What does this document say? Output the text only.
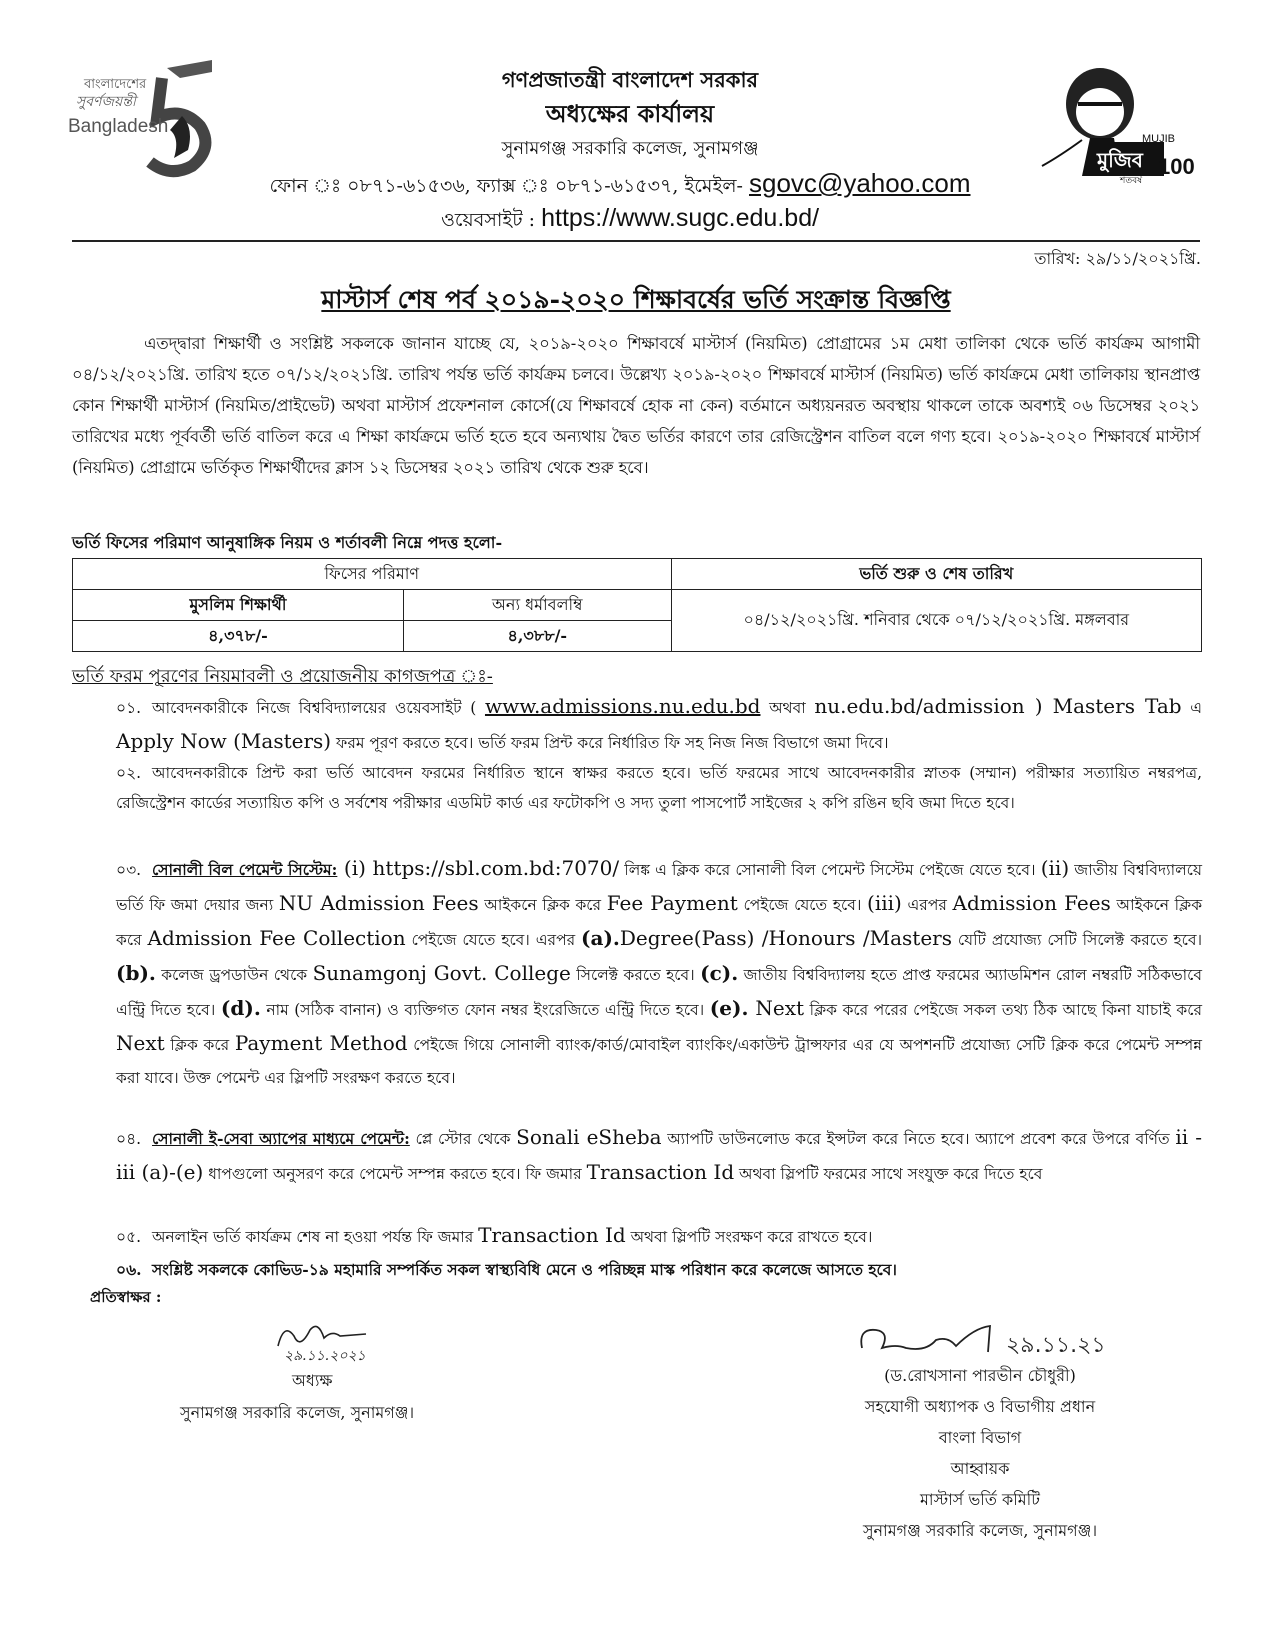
বাংলাদেশের
সুবর্ণজয়ন্তী
Bangladesh
মুজিব
MUJIB
শতবর্ষ
100
গণপ্রজাতন্ত্রী বাংলাদেশ সরকার
অধ্যক্ষের কার্যালয়
সুনামগঞ্জ সরকারি কলেজ, সুনামগঞ্জ
ফোন ঃ ০৮৭১-৬১৫৩৬, ফ্যাক্স ঃ ০৮৭১-৬১৫৩৭, ইমেইল- sgovc@yahoo.com
ওয়েবসাইট : https://www.sugc.edu.bd/
তারিখ: ২৯/১১/২০২১খ্রি.
মাস্টার্স শেষ পর্ব ২০১৯-২০২০ শিক্ষাবর্ষের ভর্তি সংক্রান্ত বিজ্ঞপ্তি
এতদ্দ্বারা শিক্ষার্থী ও সংশ্লিষ্ট সকলকে জানান যাচ্ছে যে, ২০১৯-২০২০ শিক্ষাবর্ষে মাস্টার্স (নিয়মিত) প্রোগ্রামের ১ম মেধা তালিকা থেকে ভর্তি কার্যক্রম আগামী ০৪/১২/২০২১খ্রি. তারিখ হতে ০৭/১২/২০২১খ্রি. তারিখ পর্যন্ত ভর্তি কার্যক্রম চলবে। উল্লেখ্য ২০১৯-২০২০ শিক্ষাবর্ষে মাস্টার্স (নিয়মিত) ভর্তি কার্যক্রমে মেধা তালিকায় স্থানপ্রাপ্ত কোন শিক্ষার্থী মাস্টার্স (নিয়মিত/প্রাইভেট) অথবা মাস্টার্স প্রফেশনাল কোর্সে(যে শিক্ষাবর্ষে হোক না কেন) বর্তমানে অধ্যয়নরত অবস্থায় থাকলে তাকে অবশ্যই ০৬ ডিসেম্বর ২০২১ তারিখের মধ্যে পূর্ববর্তী ভর্তি বাতিল করে এ শিক্ষা কার্যক্রমে ভর্তি হতে হবে অন্যথায় দ্বৈত ভর্তির কারণে তার রেজিস্ট্রেশন বাতিল বলে গণ্য হবে। ২০১৯-২০২০ শিক্ষাবর্ষে মাস্টার্স (নিয়মিত) প্রোগ্রামে ভর্তিকৃত শিক্ষার্থীদের ক্লাস ১২ ডিসেম্বর ২০২১ তারিখ থেকে শুরু হবে।
ভর্তি ফিসের পরিমাণ আনুষাঙ্গিক নিয়ম ও শর্তাবলী নিম্নে পদত্ত হলো-
ফিসের পরিমাণ		ভর্তি শুরু ও শেষ তারিখ
মুসলিম শিক্ষার্থী	অন্য ধর্মাবলম্বি	০৪/১২/২০২১খ্রি. শনিবার থেকে ০৭/১২/২০২১খ্রি. মঙ্গলবার
৪,৩৭৮/-	৪,৩৮৮/-	
ভর্তি ফরম পূরণের নিয়মাবলী ও প্রয়োজনীয় কাগজপত্র ঃ-
০১. আবেদনকারীকে নিজে বিশ্ববিদ্যালয়ের ওয়েবসাইট ( www.admissions.nu.edu.bd অথবা nu.edu.bd/admission ) Masters Tab এ Apply Now (Masters) ফরম পূরণ করতে হবে। ভর্তি ফরম প্রিন্ট করে নির্ধারিত ফি সহ নিজ নিজ বিভাগে জমা দিবে।
০২. আবেদনকারীকে প্রিন্ট করা ভর্তি আবেদন ফরমের নির্ধারিত স্থানে স্বাক্ষর করতে হবে। ভর্তি ফরমের সাথে আবেদনকারীর স্নাতক (সম্মান) পরীক্ষার সত্যায়িত নম্বরপত্র, রেজিস্ট্রেশন কার্ডের সত্যায়িত কপি ও সর্বশেষ পরীক্ষার এডমিট কার্ড এর ফটোকপি ও সদ্য তুলা পাসপোর্ট সাইজের ২ কপি রঙিন ছবি জমা দিতে হবে।
০৩. সোনালী বিল পেমেন্ট সিস্টেম: (i) https://sbl.com.bd:7070/ লিঙ্ক এ ক্লিক করে সোনালী বিল পেমেন্ট সিস্টেম পেইজে যেতে হবে। (ii) জাতীয় বিশ্ববিদ্যালয়ে ভর্তি ফি জমা দেয়ার জন্য NU Admission Fees আইকনে ক্লিক করে Fee Payment পেইজে যেতে হবে। (iii) এরপর Admission Fees আইকনে ক্লিক করে Admission Fee Collection পেইজে যেতে হবে। এরপর (a).Degree(Pass) /Honours /Masters যেটি প্রযোজ্য সেটি সিলেক্ট করতে হবে। (b). কলেজ ড্রপডাউন থেকে Sunamgonj Govt. College সিলেক্ট করতে হবে। (c). জাতীয় বিশ্ববিদ্যালয় হতে প্রাপ্ত ফরমের অ্যাডমিশন রোল নম্বরটি সঠিকভাবে এন্ট্রি দিতে হবে। (d). নাম (সঠিক বানান) ও ব্যক্তিগত ফোন নম্বর ইংরেজিতে এন্ট্রি দিতে হবে। (e). Next ক্লিক করে পরের পেইজে সকল তথ্য ঠিক আছে কিনা যাচাই করে Next ক্লিক করে Payment Method পেইজে গিয়ে সোনালী ব্যাংক/কার্ড/মোবাইল ব্যাংকিং/একাউন্ট ট্রান্সফার এর যে অপশনটি প্রযোজ্য সেটি ক্লিক করে পেমেন্ট সম্পন্ন করা যাবে। উক্ত পেমেন্ট এর স্লিপটি সংরক্ষণ করতে হবে।
০৪. সোনালী ই-সেবা অ্যাপের মাধ্যমে পেমেন্ট: প্লে স্টোর থেকে Sonali eSheba অ্যাপটি ডাউনলোড করে ইন্সটল করে নিতে হবে। অ্যাপে প্রবেশ করে উপরে বর্ণিত ii - iii (a)-(e) ধাপগুলো অনুসরণ করে পেমেন্ট সম্পন্ন করতে হবে। ফি জমার Transaction Id অথবা স্লিপটি ফরমের সাথে সংযুক্ত করে দিতে হবে
০৫. অনলাইন ভর্তি কার্যক্রম শেষ না হওয়া পর্যন্ত ফি জমার Transaction Id অথবা স্লিপটি সংরক্ষণ করে রাখতে হবে।
০৬. সংশ্লিষ্ট সকলকে কোভিড-১৯ মহামারি সম্পর্কিত সকল স্বাস্থ্যবিধি মেনে ও পরিচ্ছন্ন মাস্ক পরিধান করে কলেজে আসতে হবে।
প্রতিস্বাক্ষর :
২৯.১১.২০২১
অধ্যক্ষ
সুনামগঞ্জ সরকারি কলেজ, সুনামগঞ্জ।
২৯.১১.২১
(ড.রোখসানা পারভীন চৌধুরী)
সহযোগী অধ্যাপক ও বিভাগীয় প্রধান
বাংলা বিভাগ
আহ্বায়ক
মাস্টার্স ভর্তি কমিটি
সুনামগঞ্জ সরকারি কলেজ, সুনামগঞ্জ।
